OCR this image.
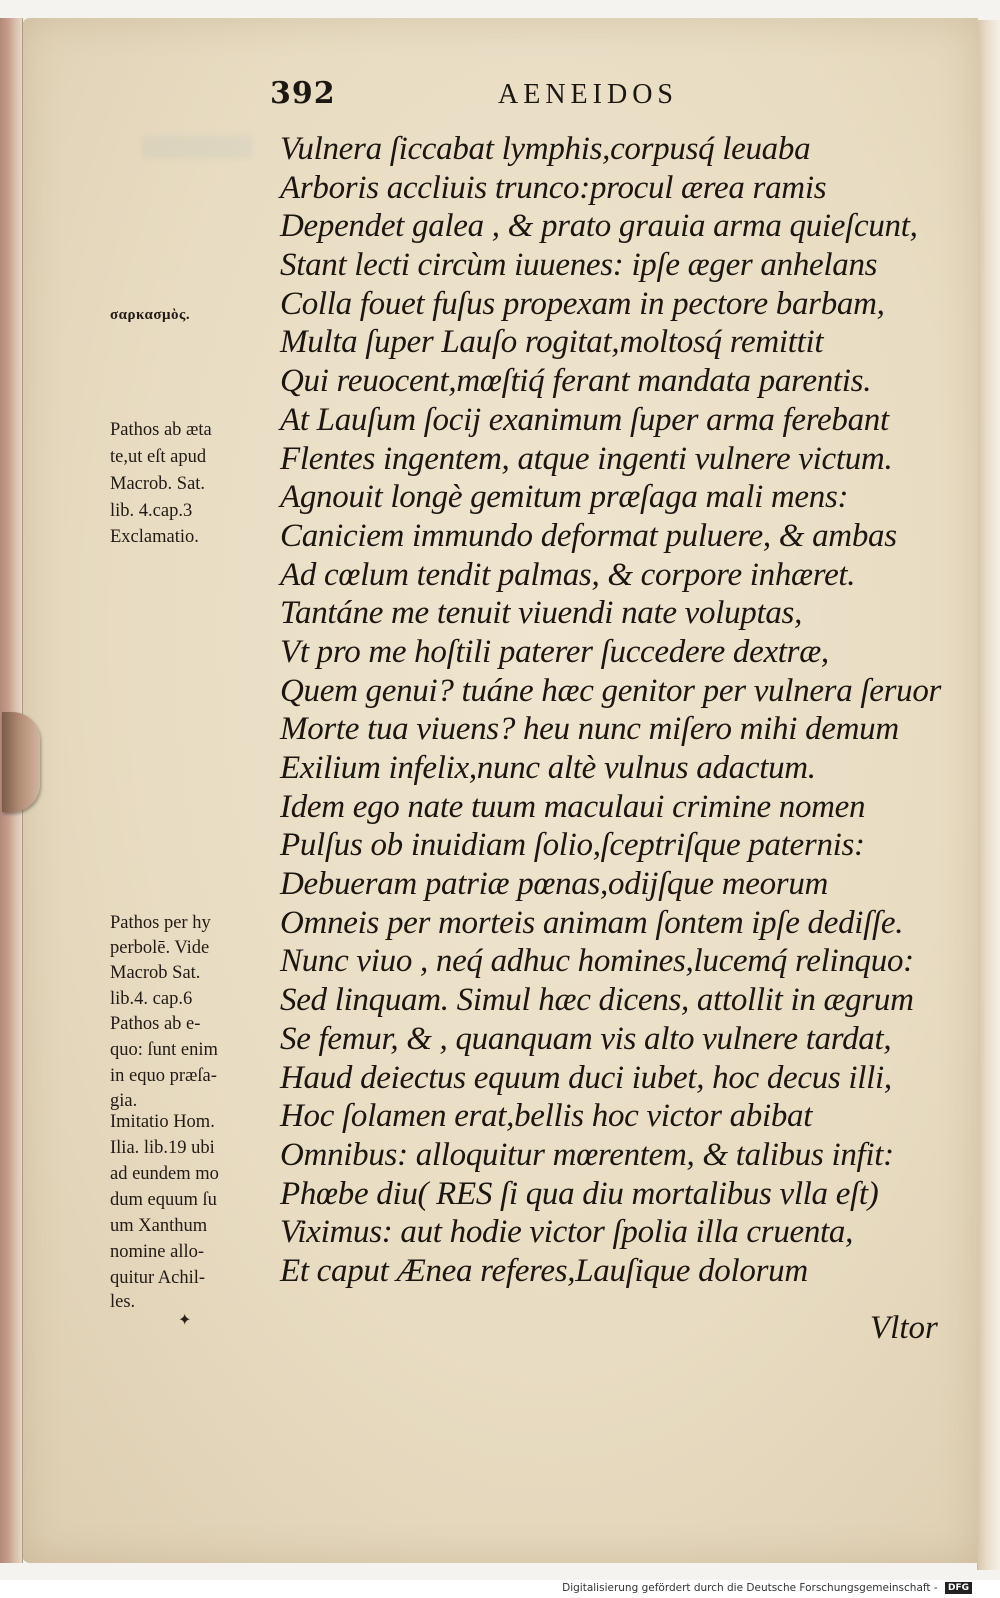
392	AENEIDOS
Vulnera ſiccabat lymphis,corpusq́ leuaba
Arboris accliuis trunco:procul ærea ramis
Dependet galea , & prato grauia arma quieſcunt,
Stant lecti circùm iuuenes: ipſe æger anhelans
Colla fouet fuſus propexam in pectore barbam,
Multa ſuper Lauſo rogitat,moltosq́ remittit
Qui reuocent,mœſtiq́ ferant mandata parentis.
At Lauſum ſocij exanimum ſuper arma ferebant
Flentes ingentem, atque ingenti vulnere victum.
Agnouit longè gemitum præſaga mali mens:
Caniciem immundo deformat puluere, & ambas
Ad cœlum tendit palmas, & corpore inhæret.
Tantáne me tenuit viuendi nate voluptas,
Vt pro me hoſtili paterer ſuccedere dextræ,
Quem genui? tuáne hæc genitor per vulnera ſeruor
Morte tua viuens? heu nunc miſero mihi demum
Exilium infelix,nunc altè vulnus adactum.
Idem ego nate tuum maculaui crimine nomen
Pulſus ob inuidiam ſolio,ſceptriſque paternis:
Debueram patriæ pœnas,odijſque meorum
Omneis per morteis animam ſontem ipſe dediſſe.
Nunc viuo , neq́ adhuc homines,lucemq́ relinquo:
Sed linquam. Simul hæc dicens, attollit in ægrum
Se femur, & , quanquam vis alto vulnere tardat,
Haud deiectus equum duci iubet, hoc decus illi,
Hoc ſolamen erat,bellis hoc victor abibat
Omnibus: alloquitur mœrentem, & talibus infit:
Phœbe diu( RES ſi qua diu mortalibus vlla eſt)
Viximus: aut hodie victor ſpolia illa cruenta,
Et caput Ænea referes,Lauſique dolorum
Vltor
σαρκασμὸς.
Pathos ab æta
te,ut eſt apud
Macrob. Sat.
lib. 4.cap.3
Exclamatio.
Pathos per hy
perbolē. Vide
Macrob Sat.
lib.4. cap.6
Pathos ab e-
quo: ſunt enim
in equo præſa-
gia.
Imitatio Hom.
Ilia. lib.19 ubi
ad eundem mo
dum equum ſu
um Xanthum
nomine allo-
quitur Achil-
les.
✦
Digitalisierung gefördert durch die Deutsche Forschungsgemeinschaft - DFG
